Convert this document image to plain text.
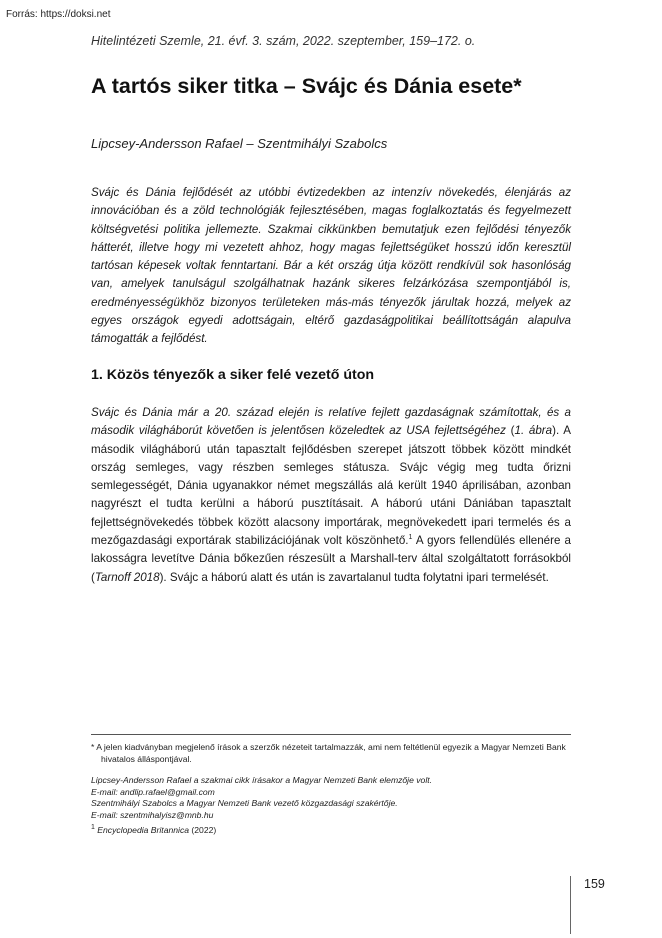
Forrás: https://doksi.net
Hitelintézeti Szemle, 21. évf. 3. szám, 2022. szeptember, 159–172. o.
A tartós siker titka – Svájc és Dánia esete*
Lipcsey-Andersson Rafael – Szentmihályi Szabolcs
Svájc és Dánia fejlődését az utóbbi évtizedekben az intenzív növekedés, élenjárás az innovációban és a zöld technológiák fejlesztésében, magas foglalkoztatás és fegyelmezett költségvetési politika jellemezte. Szakmai cikkünkben bemutatjuk ezen fejlődési tényezők hátterét, illetve hogy mi vezetett ahhoz, hogy magas fejlettségüket hosszú időn keresztül tartósan képesek voltak fenntartani. Bár a két ország útja között rendkívül sok hasonlóság van, amelyek tanulságul szolgálhatnak hazánk sikeres felzárkózása szempontjából is, eredményességükhöz bizonyos területeken más-más tényezők járultak hozzá, melyek az egyes országok egyedi adottságain, eltérő gazdaságpolitikai beállítottságán alapulva támogatták a fejlődést.
1. Közös tényezők a siker felé vezető úton
Svájc és Dánia már a 20. század elején is relatíve fejlett gazdaságnak számítottak, és a második világháborút követően is jelentősen közeledtek az USA fejlettségéhez (1. ábra). A második világháború után tapasztalt fejlődésben szerepet játszott többek között mindkét ország semleges, vagy részben semleges státusza. Svájc végig meg tudta őrizni semlegességét, Dánia ugyanakkor német megszállás alá került 1940 áprilisában, azonban nagyrészt el tudta kerülni a háború pusztításait. A háború utáni Dániában tapasztalt fejlettségnövekedés többek között alacsony importárak, megnövekedett ipari termelés és a mezőgazdasági exportárak stabilizációjának volt köszönhető.$^1$ A gyors fellendülés ellenére a lakosságra levetítve Dánia bőkezűen részesült a Marshall-terv által szolgáltatott forrásokból (Tarnoff 2018). Svájc a háború alatt és után is zavartalanul tudta folytatni ipari termelését.
* A jelen kiadványban megjelenő írások a szerzők nézeteit tartalmazzák, ami nem feltétlenül egyezik a Magyar Nemzeti Bank hivatalos álláspontjával.
Lipcsey-Andersson Rafael a szakmai cikk írásakor a Magyar Nemzeti Bank elemzője volt.
E-mail: andlip.rafael@gmail.com
Szentmihályi Szabolcs a Magyar Nemzeti Bank vezető közgazdasági szakértője.
E-mail: szentmihalyisz@mnb.hu
$^1$ Encyclopedia Britannica (2022)
159
